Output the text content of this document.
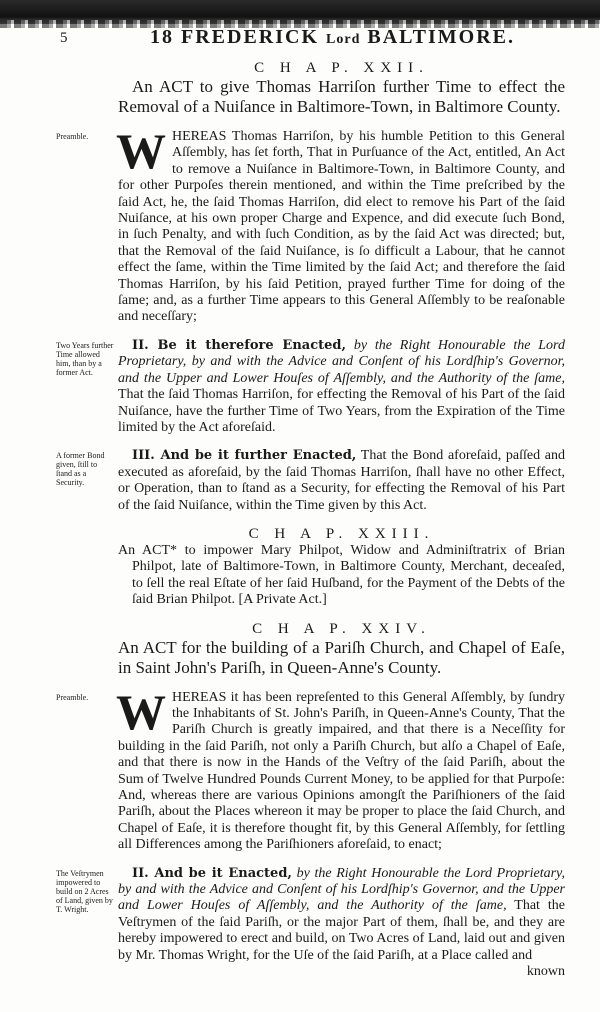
5	18 FREDERICK Lord BALTIMORE.
C H A P. XXII.
An ACT to give Thomas Harriſon further Time to effect the Removal of a Nuiſance in Baltimore-Town, in Baltimore County.
Preamble. W HEREAS Thomas Harriſon, by his humble Petition to this General Aſſembly, has ſet forth, That in Purſuance of the Act, entitled, An Act to remove a Nuiſance in Baltimore-Town, in Baltimore County, and for other Purpoſes therein mentioned, and within the Time preſcribed by the ſaid Act, he, the ſaid Thomas Harriſon, did elect to remove his Part of the ſaid Nuiſance, at his own proper Charge and Expence, and did execute ſuch Bond, in ſuch Penalty, and with ſuch Condition, as by the ſaid Act was directed; but, that the Removal of the ſaid Nuiſance, is ſo difficult a Labour, that he cannot effect the ſame, within the Time limited by the ſaid Act; and therefore the ſaid Thomas Harriſon, by his ſaid Petition, prayed further Time for doing of the ſame; and, as a further Time appears to this General Aſſembly to be reaſonable and neceſſary;
Two Years further Time allowed him, than by a former Act.
II. Be it therefore Enacted, by the Right Honourable the Lord Proprietary, by and with the Advice and Conſent of his Lordſhip's Governor, and the Upper and Lower Houſes of Aſſembly, and the Authority of the ſame, That the ſaid Thomas Harriſon, for effecting the Removal of his Part of the ſaid Nuiſance, have the further Time of Two Years, from the Expiration of the Time limited by the Act aforeſaid.
A former Bond given, ſtill to ſtand as a Security.
III. And be it further Enacted, That the Bond aforeſaid, paſſed and executed as aforeſaid, by the ſaid Thomas Harriſon, ſhall have no other Effect, or Operation, than to ſtand as a Security, for effecting the Removal of his Part of the ſaid Nuiſance, within the Time given by this Act.
C H A P. XXIII.
An ACT* to impower Mary Philpot, Widow and Adminiſtratrix of Brian Philpot, late of Baltimore-Town, in Baltimore County, Merchant, deceaſed, to ſell the real Eſtate of her ſaid Huſband, for the Payment of the Debts of the ſaid Brian Philpot. [A Private Act.]
C H A P. XXIV.
An ACT for the building of a Pariſh Church, and Chapel of Eaſe, in Saint John's Pariſh, in Queen-Anne's County.
Preamble. W HEREAS it has been repreſented to this General Aſſembly, by ſundry the Inhabitants of St. John's Pariſh, in Queen-Anne's County, That the Pariſh Church is greatly impaired, and that there is a Neceſſity for building in the ſaid Pariſh, not only a Pariſh Church, but alſo a Chapel of Eaſe, and that there is now in the Hands of the Veſtry of the ſaid Pariſh, about the Sum of Twelve Hundred Pounds Current Money, to be applied for that Purpoſe: And, whereas there are various Opinions amongſt the Pariſhioners of the ſaid Pariſh, about the Places whereon it may be proper to place the ſaid Church, and Chapel of Eaſe, it is therefore thought fit, by this General Aſſembly, for ſettling all Differences among the Pariſhioners aforeſaid, to enact;
The Veſtrymen impowered to build on 2 Acres of Land, given by T. Wright.
II. And be it Enacted, by the Right Honourable the Lord Proprietary, by and with the Advice and Conſent of his Lordſhip's Governor, and the Upper and Lower Houſes of Aſſembly, and the Authority of the ſame, That the Veſtrymen of the ſaid Pariſh, or the major Part of them, ſhall be, and they are hereby impowered to erect and build, on Two Acres of Land, laid out and given by Mr. Thomas Wright, for the Uſe of the ſaid Pariſh, at a Place called and
known
